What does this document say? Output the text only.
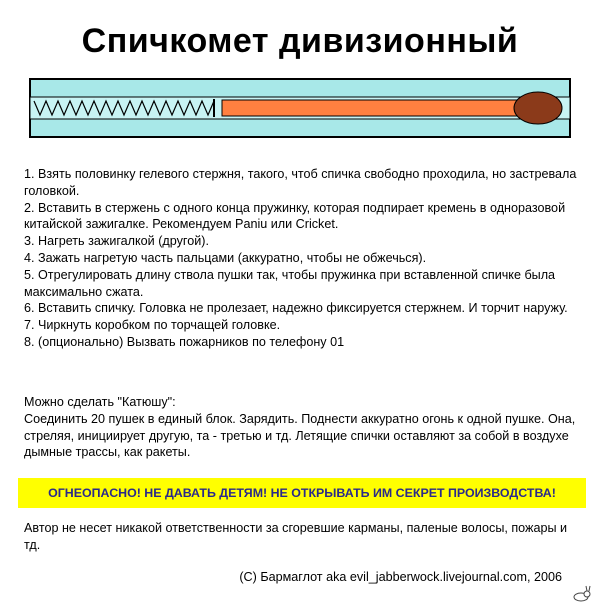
Спичкомет дивизионный
1. Взять половинку гелевого стержня, такого, чтоб спичка свободно проходила, но застревала головкой.
2. Вставить в стержень с одного конца пружинку, которая подпирает кремень в одноразовой китайской зажигалке. Рекомендуем Paniu или Cricket.
3. Нагреть зажигалкой (другой).
4. Зажать нагретую часть пальцами (аккуратно, чтобы не обжечься).
5. Отрегулировать длину ствола пушки так, чтобы пружинка при вставленной спичке была максимально сжата.
6. Вставить спичку. Головка не пролезает, надежно фиксируется стержнем. И торчит наружу.
7. Чиркнуть коробком по торчащей головке.
8. (опционально) Вызвать пожарников по телефону 01
Можно сделать "Катюшу":
Соединить 20 пушек в единый блок. Зарядить. Поднести аккуратно огонь к одной пушке. Она, стреляя, инициирует другую, та - третью и тд. Летящие спички оставляют за собой в воздухе дымные трассы, как ракеты.
ОГНЕОПАСНО! НЕ ДАВАТЬ ДЕТЯМ! НЕ ОТКРЫВАТЬ ИМ СЕКРЕТ ПРОИЗВОДСТВА!
Автор не несет никакой ответственности за сгоревшие карманы, паленые волосы, пожары и тд.
(C) Бармаглот aka evil_jabberwock.livejournal.com, 2006
